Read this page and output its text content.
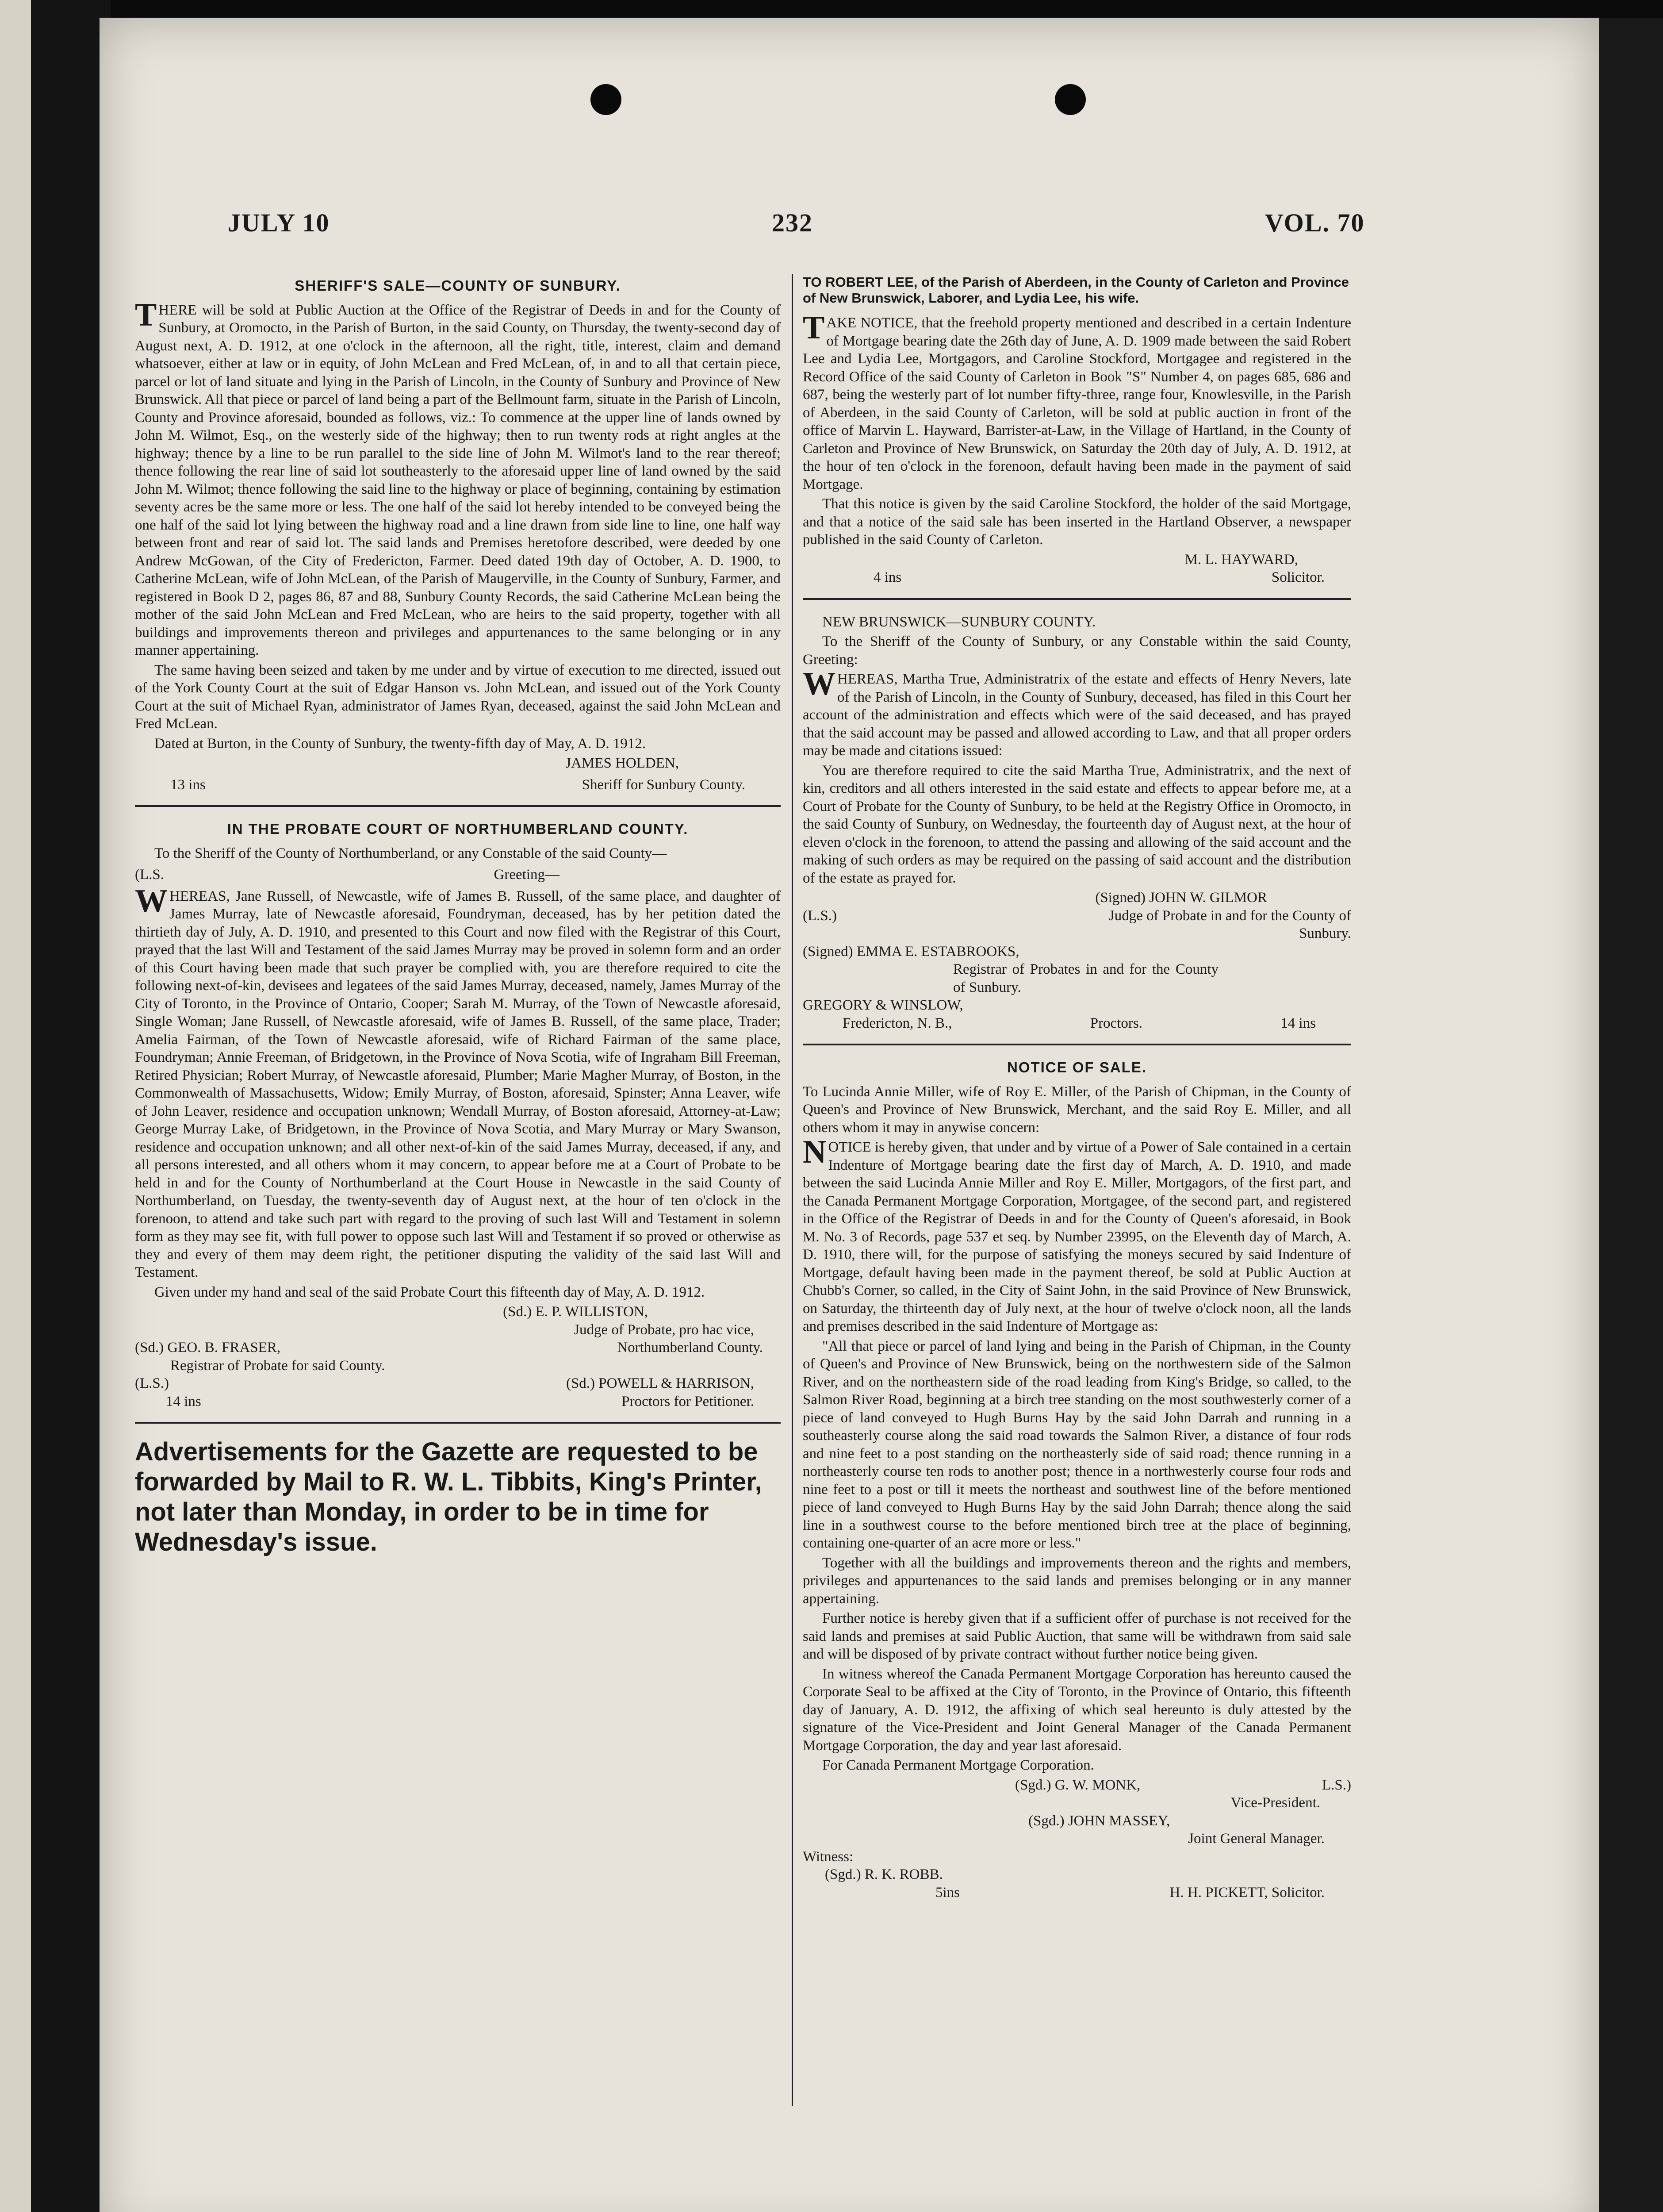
JULY 10	232	VOL. 70
SHERIFF'S SALE—COUNTY OF SUNBURY.

THERE will be sold at Public Auction at the Office of the Registrar of Deeds in and for the County of Sunbury, at Oromocto, in the Parish of Burton, in the said County, on Thursday, the twenty-second day of August next, A. D. 1912, at one o'clock in the afternoon, all the right, title, interest, claim and demand whatsoever, either at law or in equity, of John McLean and Fred McLean, of, in and to all that certain piece, parcel or lot of land situate and lying in the Parish of Lincoln, in the County of Sunbury and Province of New Brunswick. All that piece or parcel of land being a part of the Bellmount farm, situate in the Parish of Lincoln, County and Province aforesaid, bounded as follows, viz.: To commence at the upper line of lands owned by John M. Wilmot, Esq., on the westerly side of the highway; then to run twenty rods at right angles at the highway; thence by a line to be run parallel to the side line of John M. Wilmot's land to the rear thereof; thence following the rear line of said lot southeasterly to the aforesaid upper line of land owned by the said John M. Wilmot; thence following the said line to the highway or place of beginning, containing by estimation seventy acres be the same more or less. The one half of the said lot hereby intended to be conveyed being the one half of the said lot lying between the highway road and a line drawn from side line to line, one half way between front and rear of said lot. The said lands and Premises heretofore described, were deeded by one Andrew McGowan, of the City of Fredericton, Farmer. Deed dated 19th day of October, A. D. 1900, to Catherine McLean, wife of John McLean, of the Parish of Maugerville, in the County of Sunbury, Farmer, and registered in Book D 2, pages 86, 87 and 88, Sunbury County Records, the said Catherine McLean being the mother of the said John McLean and Fred McLean, who are heirs to the said property, together with all buildings and improvements thereon and privileges and appurtenances to the same belonging or in any manner appertaining.

The same having been seized and taken by me under and by virtue of execution to me directed, issued out of the York County Court at the suit of Edgar Hanson vs. John McLean, and issued out of the York County Court at the suit of Michael Ryan, administrator of James Ryan, deceased, against the said John McLean and Fred McLean.

Dated at Burton, in the County of Sunbury, the twenty-fifth day of May, A. D. 1912.

JAMES HOLDEN,

13 ins	Sheriff for Sunbury County.
IN THE PROBATE COURT OF NORTHUMBERLAND COUNTY.

To the Sheriff of the County of Northumberland, or any Constable of the said County—

(L.S.	Greeting—

WHEREAS, Jane Russell, of Newcastle, wife of James B. Russell, of the same place, and daughter of James Murray, late of Newcastle aforesaid, Foundryman, deceased, has by her petition dated the thirtieth day of July, A. D. 1910, and presented to this Court and now filed with the Registrar of this Court, prayed that the last Will and Testament of the said James Murray may be proved in solemn form and an order of this Court having been made that such prayer be complied with, you are therefore required to cite the following next-of-kin, devisees and legatees of the said James Murray, deceased, namely, James Murray of the City of Toronto, in the Province of Ontario, Cooper; Sarah M. Murray, of the Town of Newcastle aforesaid, Single Woman; Jane Russell, of Newcastle aforesaid, wife of James B. Russell, of the same place, Trader; Amelia Fairman, of the Town of Newcastle aforesaid, wife of Richard Fairman of the same place, Foundryman; Annie Freeman, of Bridgetown, in the Province of Nova Scotia, wife of Ingraham Bill Freeman, Retired Physician; Robert Murray, of Newcastle aforesaid, Plumber; Marie Magher Murray, of Boston, in the Commonwealth of Massachusetts, Widow; Emily Murray, of Boston, aforesaid, Spinster; Anna Leaver, wife of John Leaver, residence and occupation unknown; Wendall Murray, of Boston aforesaid, Attorney-at-Law; George Murray Lake, of Bridgetown, in the Province of Nova Scotia, and Mary Murray or Mary Swanson, residence and occupation unknown; and all other next-of-kin of the said James Murray, deceased, if any, and all persons interested, and all others whom it may concern, to appear before me at a Court of Probate to be held in and for the County of Northumberland at the Court House in Newcastle in the said County of Northumberland, on Tuesday, the twenty-seventh day of August next, at the hour of ten o'clock in the forenoon, to attend and take such part with regard to the proving of such last Will and Testament in solemn form as they may see fit, with full power to oppose such last Will and Testament if so proved or otherwise as they and every of them may deem right, the petitioner disputing the validity of the said last Will and Testament.

Given under my hand and seal of the said Probate Court this fifteenth day of May, A. D. 1912.

(Sd.) E. P. WILLISTON,

Judge of Probate, pro hac vice,

(Sd.) GEO. B. FRASER,	Northumberland County.

Registrar of Probate for said County.

(L.S.)	(Sd.) POWELL & HARRISON,
14 ins	Proctors for Petitioner.
Advertisements for the Gazette are requested to be forwarded by Mail to R. W. L. Tibbits, King's Printer, not later than Monday, in order to be in time for Wednesday's issue.
TO ROBERT LEE, of the Parish of Aberdeen, in the County of Carleton and Province of New Brunswick, Laborer, and Lydia Lee, his wife.

TAKE NOTICE, that the freehold property mentioned and described in a certain Indenture of Mortgage bearing date the 26th day of June, A. D. 1909 made between the said Robert Lee and Lydia Lee, Mortgagors, and Caroline Stockford, Mortgagee and registered in the Record Office of the said County of Carleton in Book "S" Number 4, on pages 685, 686 and 687, being the westerly part of lot number fifty-three, range four, Knowlesville, in the Parish of Aberdeen, in the said County of Carleton, will be sold at public auction in front of the office of Marvin L. Hayward, Barrister-at-Law, in the Village of Hartland, in the County of Carleton and Province of New Brunswick, on Saturday the 20th day of July, A. D. 1912, at the hour of ten o'clock in the forenoon, default having been made in the payment of said Mortgage.

That this notice is given by the said Caroline Stockford, the holder of the said Mortgage, and that a notice of the said sale has been inserted in the Hartland Observer, a newspaper published in the said County of Carleton.

M. L. HAYWARD,

4 ins	Solicitor.

NEW BRUNSWICK—SUNBURY COUNTY.

To the Sheriff of the County of Sunbury, or any Constable within the said County, Greeting:

WHEREAS, Martha True, Administratrix of the estate and effects of Henry Nevers, late of the Parish of Lincoln, in the County of Sunbury, deceased, has filed in this Court her account of the administration and effects which were of the said deceased, and has prayed that the said account may be passed and allowed according to Law, and that all proper orders may be made and citations issued:

You are therefore required to cite the said Martha True, Administratrix, and the next of kin, creditors and all others interested in the said estate and effects to appear before me, at a Court of Probate for the County of Sunbury, to be held at the Registry Office in Oromocto, in the said County of Sunbury, on Wednesday, the fourteenth day of August next, at the hour of eleven o'clock in the forenoon, to attend the passing and allowing of the said account and the making of such orders as may be required on the passing of said account and the distribution of the estate as prayed for.

(Signed) JOHN W. GILMOR

(L.S.)	Judge of Probate in and for the County of Sunbury.

(Signed) EMMA E. ESTABROOKS,

Registrar of Probates in and for the County of Sunbury.

GREGORY & WINSLOW,

Fredericton, N. B.,	Proctors.	14 ins
NOTICE OF SALE.

To Lucinda Annie Miller, wife of Roy E. Miller, of the Parish of Chipman, in the County of Queen's and Province of New Brunswick, Merchant, and the said Roy E. Miller, and all others whom it may in anywise concern:

NOTICE is hereby given, that under and by virtue of a Power of Sale contained in a certain Indenture of Mortgage bearing date the first day of March, A. D. 1910, and made between the said Lucinda Annie Miller and Roy E. Miller, Mortgagors, of the first part, and the Canada Permanent Mortgage Corporation, Mortgagee, of the second part, and registered in the Office of the Registrar of Deeds in and for the County of Queen's aforesaid, in Book M. No. 3 of Records, page 537 et seq. by Number 23995, on the Eleventh day of March, A. D. 1910, there will, for the purpose of satisfying the moneys secured by said Indenture of Mortgage, default having been made in the payment thereof, be sold at Public Auction at Chubb's Corner, so called, in the City of Saint John, in the said Province of New Brunswick, on Saturday, the thirteenth day of July next, at the hour of twelve o'clock noon, all the lands and premises described in the said Indenture of Mortgage as:

"All that piece or parcel of land lying and being in the Parish of Chipman, in the County of Queen's and Province of New Brunswick, being on the northwestern side of the Salmon River, and on the northeastern side of the road leading from King's Bridge, so called, to the Salmon River Road, beginning at a birch tree standing on the most southwesterly corner of a piece of land conveyed to Hugh Burns Hay by the said John Darrah and running in a southeasterly course along the said road towards the Salmon River, a distance of four rods and nine feet to a post standing on the northeasterly side of said road; thence running in a northeasterly course ten rods to another post; thence in a northwesterly course four rods and nine feet to a post or till it meets the northeast and southwest line of the before mentioned piece of land conveyed to Hugh Burns Hay by the said John Darrah; thence along the said line in a southwest course to the before mentioned birch tree at the place of beginning, containing one-quarter of an acre more or less."

Together with all the buildings and improvements thereon and the rights and members, privileges and appurtenances to the said lands and premises belonging or in any manner appertaining.

Further notice is hereby given that if a sufficient offer of purchase is not received for the said lands and premises at said Public Auction, that same will be withdrawn from said sale and will be disposed of by private contract without further notice being given.

In witness whereof the Canada Permanent Mortgage Corporation has hereunto caused the Corporate Seal to be affixed at the City of Toronto, in the Province of Ontario, this fifteenth day of January, A. D. 1912, the affixing of which seal hereunto is duly attested by the signature of the Vice-President and Joint General Manager of the Canada Permanent Mortgage Corporation, the day and year last aforesaid.

For Canada Permanent Mortgage Corporation.

(Sgd.) G. W. MONK,	L.S.)

Vice-President.

(Sgd.) JOHN MASSEY,

Joint General Manager.

Witness:

(Sgd.) R. K. ROBB.

5ins	H. H. PICKETT, Solicitor.
